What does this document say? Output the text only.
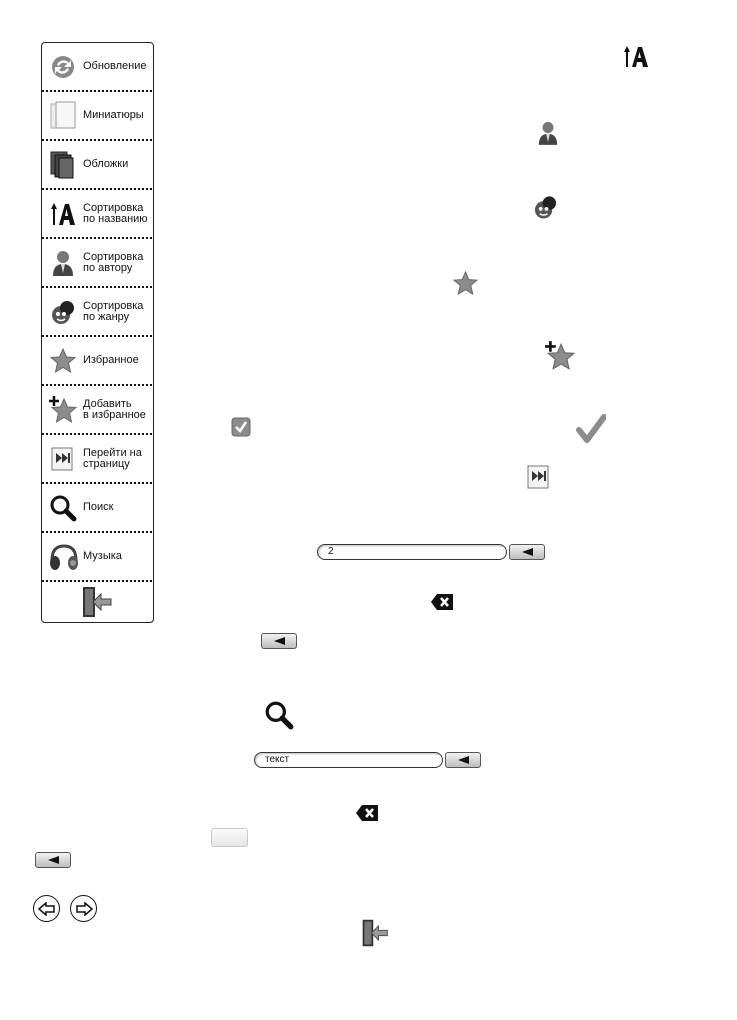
Обновление
Миниатюры
Обложки
Сортировка
по названию
Сортировка
по автору
Сортировка
по жанру
Избранное
Добавить
в избранное
Перейти на
страницу
Поиск
Музыка	2
текст
